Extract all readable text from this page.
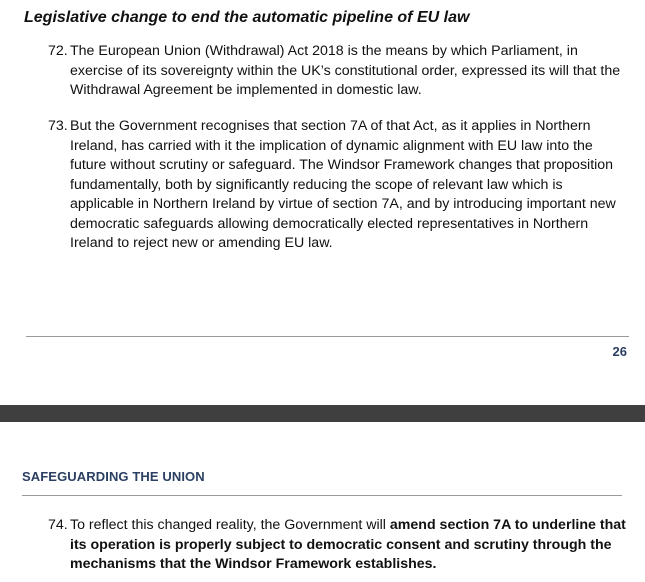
Legislative change to end the automatic pipeline of EU law
72. The European Union (Withdrawal) Act 2018 is the means by which Parliament, in exercise of its sovereignty within the UK’s constitutional order, expressed its will that the Withdrawal Agreement be implemented in domestic law.
73. But the Government recognises that section 7A of that Act, as it applies in Northern Ireland, has carried with it the implication of dynamic alignment with EU law into the future without scrutiny or safeguard. The Windsor Framework changes that proposition fundamentally, both by significantly reducing the scope of relevant law which is applicable in Northern Ireland by virtue of section 7A, and by introducing important new democratic safeguards allowing democratically elected representatives in Northern Ireland to reject new or amending EU law.
26
SAFEGUARDING THE UNION
74. To reflect this changed reality, the Government will amend section 7A to underline that its operation is properly subject to democratic consent and scrutiny through the mechanisms that the Windsor Framework establishes.
